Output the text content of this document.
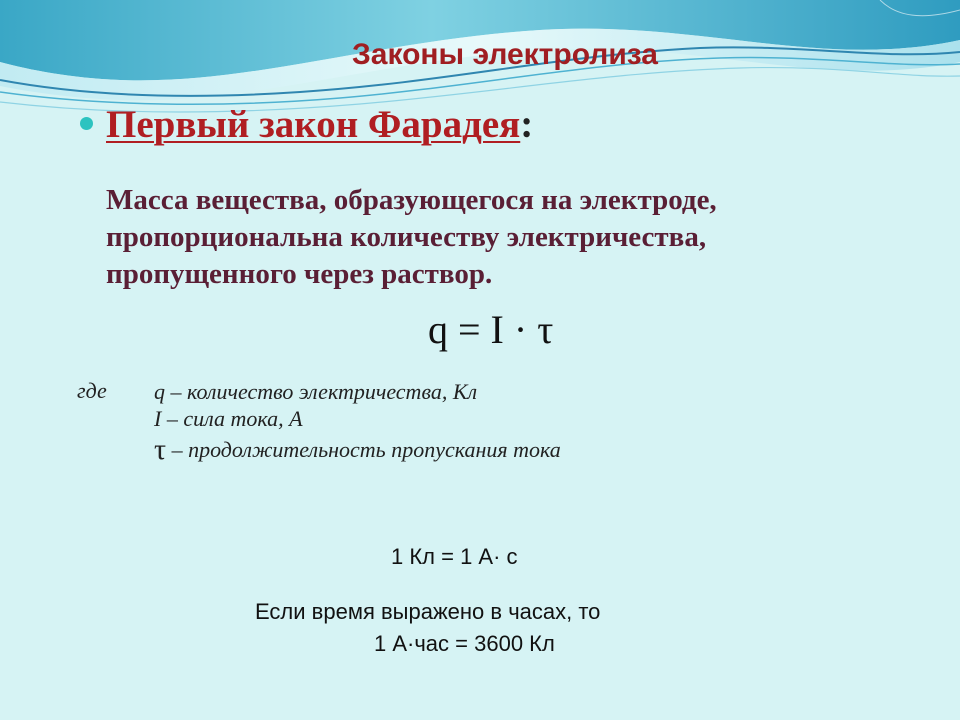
Законы электролиза
Первый закон Фарадея:
Масса вещества, образующегося на электроде,
пропорциональна количеству электричества,
пропущенного через раствор.
q = I · τ
где q – количество электричества, Кл
I – сила тока, А
τ – продолжительность пропускания тока
1 Кл = 1 А· с
Если время выражено в часах, то
1 А·час = 3600 Кл
